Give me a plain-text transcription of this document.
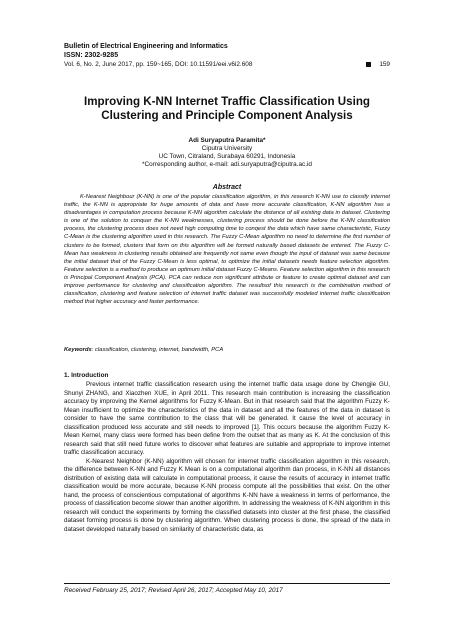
Bulletin of Electrical Engineering and Informatics
ISSN: 2302-9285
Vol. 6, No. 2, June 2017, pp. 159~165, DOI: 10.11591/eei.v6i2.608	159
Improving K-NN Internet Traffic Classification Using Clustering and Principle Component Analysis
Adi Suryaputra Paramita*
Ciputra University
UC Town, Citraland, Surabaya 60291, Indonesia
*Corresponding author, e-mail: adi.suryaputra@ciputra.ac.id
Abstract
K-Nearest Neighbour (K-NN) is one of the popular classification algorithm, in this research K-NN use to classify internet traffic, the K-NN is appropriate for huge amounts of data and have more accurate classification, K-NN algorithm has a disadvantages in computation process because K-NN algorithm calculate the distance of all existing data in dataset. Clustering is one of the solution to conquer the K-NN weaknesses, clustering process should be done before the K-NN classification process, the clustering process does not need high computing time to conqest the data which have same characteristic, Fuzzy C-Mean is the clustering algorithm used in this research. The Fuzzy C-Mean algorithm no need to determine the first number of clusters to be formed, clusters that form on this algorithm will be formed naturally based datasets be entered. The Fuzzy C-Mean has weakness in clustering results obtained are frequently not same even though the input of dataset was same because the initial dataset that of the Fuzzy C-Mean is less optimal, to optimize the initial datasets needs feature selection algorithm. Feature selection is a method to produce an optimum initial dataset Fuzzy C-Means. Feature selection algorithm in this research is Principal Component Analysis (PCA). PCA can reduce non significant attribute or feature to create optimal dataset and can improve performance for clustering and classification algorithm. The resultsof this research is the combination method of classification, clustering and feature selection of internet traffic dataset was successfully modeled internet traffic classification method that higher accuracy and faster performance.
Keywords: classification, clustering, internet, bandwidth, PCA
1. Introduction

Previous internet traffic classification research using the internet traffic data usage done by Chengjie GU, Shunyi ZHANG, and Xiaozhen XUE, in April 2011. This research main contribution is increasing the classification accuracy by improving the Kernel algorithms for Fuzzy K-Mean. But in that research said that the algorithm Fuzzy K-Mean insufficient to optimize the characteristics of the data in dataset and all the features of the data in dataset is consider to have the same contribution to the class that will be generated. It cause the level of accuracy in classification produced less accurate and still needs to improved [1]. This occurs because the algorithm Fuzzy K-Mean Kernel, many class were formed has been define from the outset that as many as K. At the conclusion of this research said that still need future works to discover what features are suitable and appropriate to improve internet traffic classification accuracy.

K-Nearest Neighbor (K-NN) algorithm will chosen for internet traffic classification algorithm in this research, the difference between K-NN and Fuzzy K Mean is on a computational algorithm dan process, in K-NN all distances distribution of existing data will calculate in computational process, it cause the results of accuracy in internet traffic classification would be more accurate, because K-NN process compute all the possibilities that exist. On the other hand, the process of conscientious computational of algorithms K-NN have a weakness in terms of performance, the process of classification become slower than another algorithm. In addressing the weakness of K-NN algorithm in this research will conduct the experiments by forming the classified datasets into cluster at the first phase, the classified dataset forming process is done by clustering algorithm. When clustering process is done, the spread of the data in dataset developed naturally based on similarity of characteristic data, as

Received February 25, 2017; Revised April 26, 2017; Accepted May 10, 2017
